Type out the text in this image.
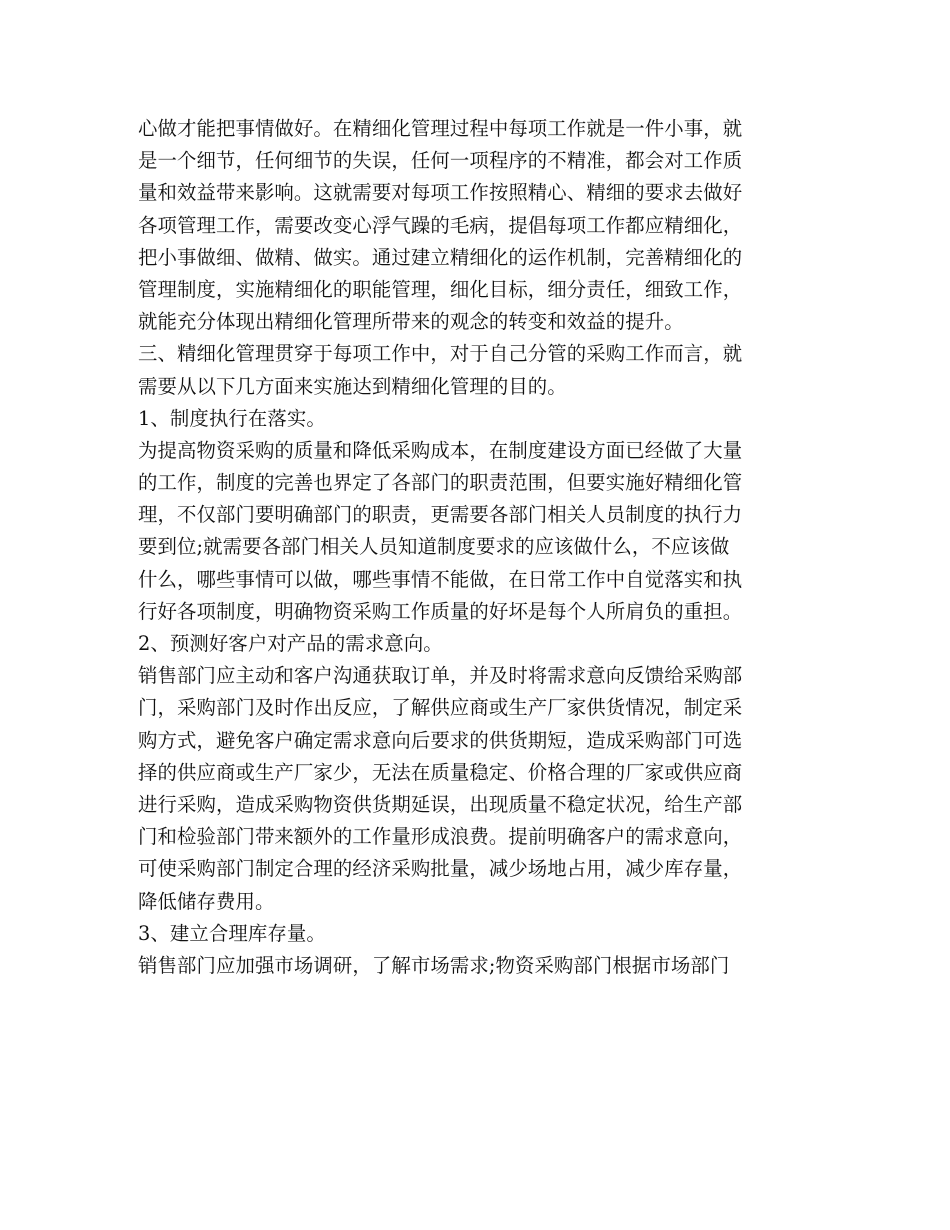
心做才能把事情做好。在精细化管理过程中每项工作就是一件小事，就
是一个细节，任何细节的失误，任何一项程序的不精准，都会对工作质
量和效益带来影响。这就需要对每项工作按照精心、精细的要求去做好
各项管理工作，需要改变心浮气躁的毛病，提倡每项工作都应精细化，
把小事做细、做精、做实。通过建立精细化的运作机制，完善精细化的
管理制度，实施精细化的职能管理，细化目标，细分责任，细致工作，
就能充分体现出精细化管理所带来的观念的转变和效益的提升。
三、精细化管理贯穿于每项工作中，对于自己分管的采购工作而言，就
需要从以下几方面来实施达到精细化管理的目的。
1、制度执行在落实。
为提高物资采购的质量和降低采购成本，在制度建设方面已经做了大量
的工作，制度的完善也界定了各部门的职责范围，但要实施好精细化管
理，不仅部门要明确部门的职责，更需要各部门相关人员制度的执行力
要到位;就需要各部门相关人员知道制度要求的应该做什么，不应该做
什么，哪些事情可以做，哪些事情不能做，在日常工作中自觉落实和执
行好各项制度，明确物资采购工作质量的好坏是每个人所肩负的重担。
2、预测好客户对产品的需求意向。
销售部门应主动和客户沟通获取订单，并及时将需求意向反馈给采购部
门，采购部门及时作出反应，了解供应商或生产厂家供货情况，制定采
购方式，避免客户确定需求意向后要求的供货期短，造成采购部门可选
择的供应商或生产厂家少，无法在质量稳定、价格合理的厂家或供应商
进行采购，造成采购物资供货期延误，出现质量不稳定状况，给生产部
门和检验部门带来额外的工作量形成浪费。提前明确客户的需求意向，
可使采购部门制定合理的经济采购批量，减少场地占用，减少库存量，
降低储存费用。
3、建立合理库存量。
销售部门应加强市场调研，了解市场需求;物资采购部门根据市场部门
